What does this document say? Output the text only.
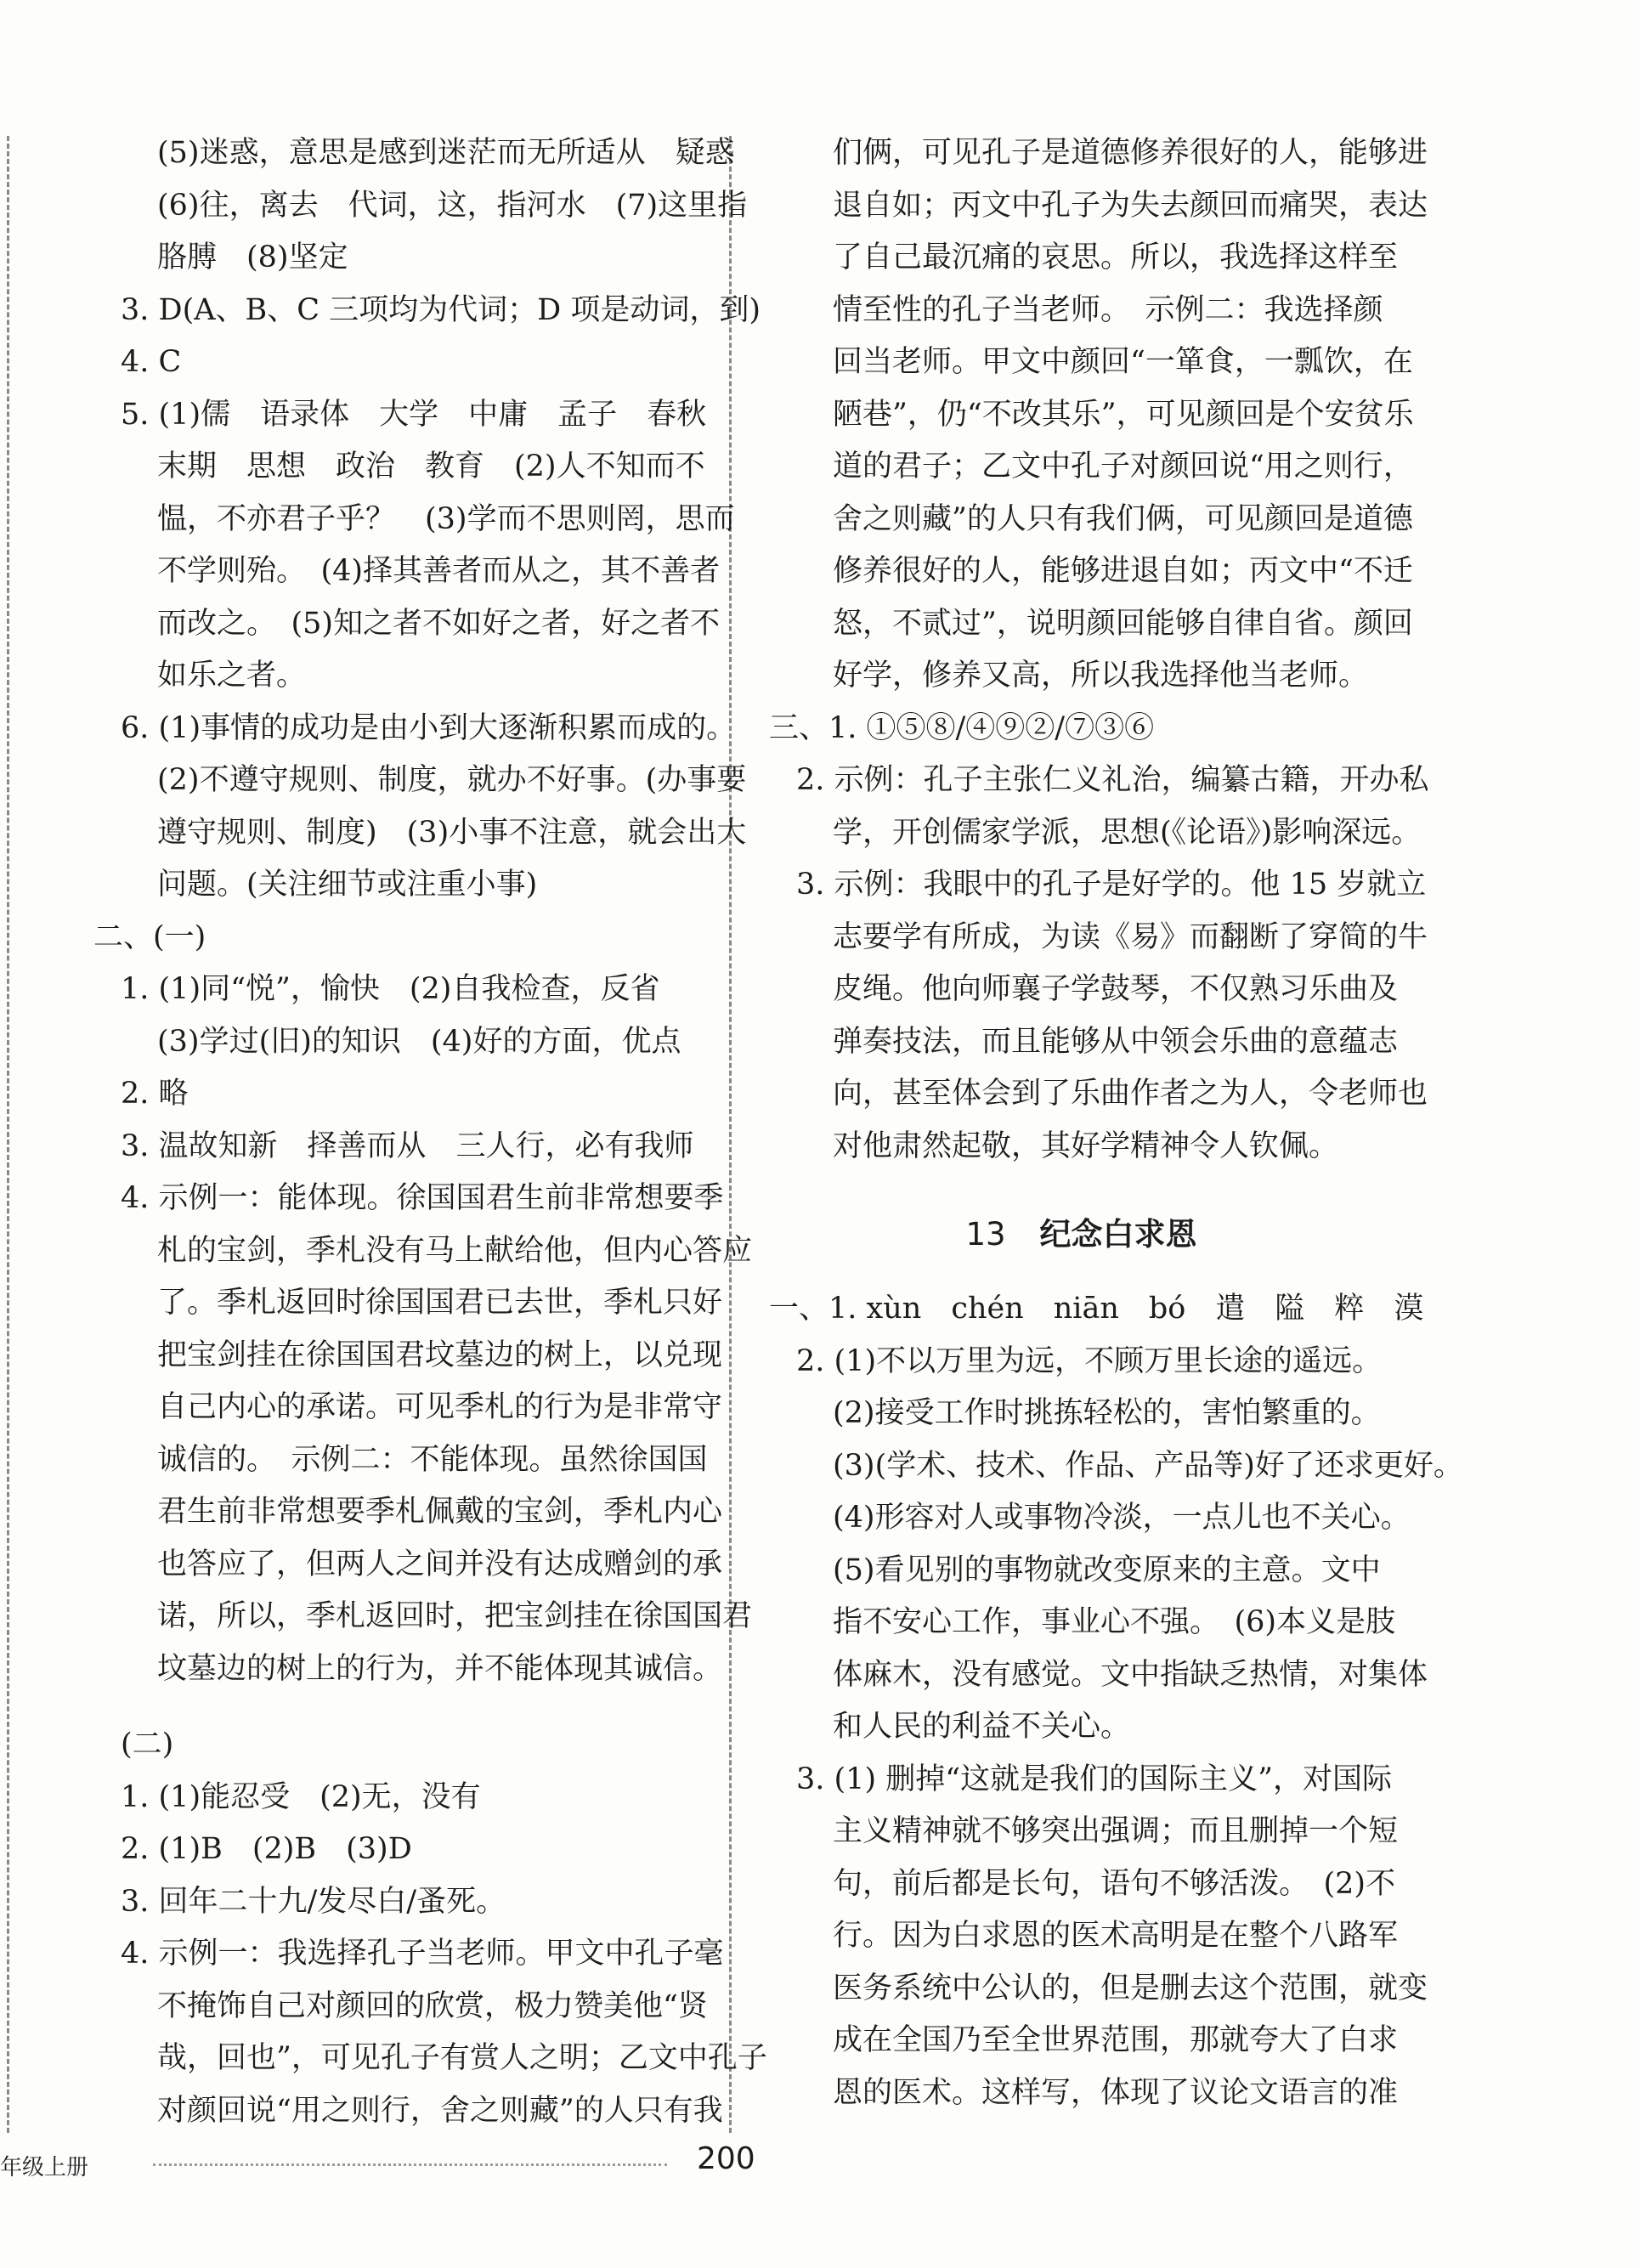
(5)迷惑，意思是感到迷茫而无所适从　疑惑
(6)往，离去　代词，这，指河水　(7)这里指
胳膊　(8)坚定
3. D(A、B、C 三项均为代词；D 项是动词，到)
4. C
5. (1)儒　语录体　大学　中庸　孟子　春秋
末期　思想　政治　教育　(2)人不知而不
愠，不亦君子乎？　(3)学而不思则罔，思而
不学则殆。　(4)择其善者而从之，其不善者
而改之。　(5)知之者不如好之者，好之者不
如乐之者。
6. (1)事情的成功是由小到大逐渐积累而成的。
(2)不遵守规则、制度，就办不好事。(办事要
遵守规则、制度)　(3)小事不注意，就会出大
问题。(关注细节或注重小事)
二、(一)
1. (1)同“悦”，愉快　(2)自我检查，反省
(3)学过(旧)的知识　(4)好的方面，优点
2. 略
3. 温故知新　择善而从　三人行，必有我师
4. 示例一：能体现。徐国国君生前非常想要季
札的宝剑，季札没有马上献给他，但内心答应
了。季札返回时徐国国君已去世，季札只好
把宝剑挂在徐国国君坟墓边的树上，以兑现
自己内心的承诺。可见季札的行为是非常守
诚信的。　示例二：不能体现。虽然徐国国
君生前非常想要季札佩戴的宝剑，季札内心
也答应了，但两人之间并没有达成赠剑的承
诺，所以，季札返回时，把宝剑挂在徐国国君
坟墓边的树上的行为，并不能体现其诚信。
(二)
1. (1)能忍受　(2)无，没有
2. (1)B　(2)B　(3)D
3. 回年二十九/发尽白/蚤死。
4. 示例一：我选择孔子当老师。甲文中孔子毫
不掩饰自己对颜回的欣赏，极力赞美他“贤
哉，回也”，可见孔子有赏人之明；乙文中孔子
对颜回说“用之则行，舍之则藏”的人只有我
们俩，可见孔子是道德修养很好的人，能够进
退自如；丙文中孔子为失去颜回而痛哭，表达
了自己最沉痛的哀思。所以，我选择这样至
情至性的孔子当老师。　示例二：我选择颜
回当老师。甲文中颜回“一箪食，一瓢饮，在
陋巷”，仍“不改其乐”，可见颜回是个安贫乐
道的君子；乙文中孔子对颜回说“用之则行，
舍之则藏”的人只有我们俩，可见颜回是道德
修养很好的人，能够进退自如；丙文中“不迁
怒，不贰过”，说明颜回能够自律自省。颜回
好学，修养又高，所以我选择他当老师。
三、1. ①⑤⑧/④⑨②/⑦③⑥
2. 示例：孔子主张仁义礼治，编纂古籍，开办私
学，开创儒家学派，思想(《论语》)影响深远。
3. 示例：我眼中的孔子是好学的。他 15 岁就立
志要学有所成，为读《易》而翻断了穿简的牛
皮绳。他向师襄子学鼓琴，不仅熟习乐曲及
弹奏技法，而且能够从中领会乐曲的意蕴志
向，甚至体会到了乐曲作者之为人，令老师也
对他肃然起敬，其好学精神令人钦佩。
13 纪念白求恩
一、1. xùn　chén　niān　bó　遣　隘　粹　漠
2. (1)不以万里为远，不顾万里长途的遥远。
(2)接受工作时挑拣轻松的，害怕繁重的。
(3)(学术、技术、作品、产品等)好了还求更好。
(4)形容对人或事物冷淡，一点儿也不关心。
(5)看见别的事物就改变原来的主意。文中
指不安心工作，事业心不强。　(6)本义是肢
体麻木，没有感觉。文中指缺乏热情，对集体
和人民的利益不关心。
3. (1) 删掉“这就是我们的国际主义”，对国际
主义精神就不够突出强调；而且删掉一个短
句，前后都是长句，语句不够活泼。　(2)不
行。因为白求恩的医术高明是在整个八路军
医务系统中公认的，但是删去这个范围，就变
成在全国乃至全世界范围，那就夸大了白求
恩的医术。这样写，体现了议论文语言的准
年级上册	200
